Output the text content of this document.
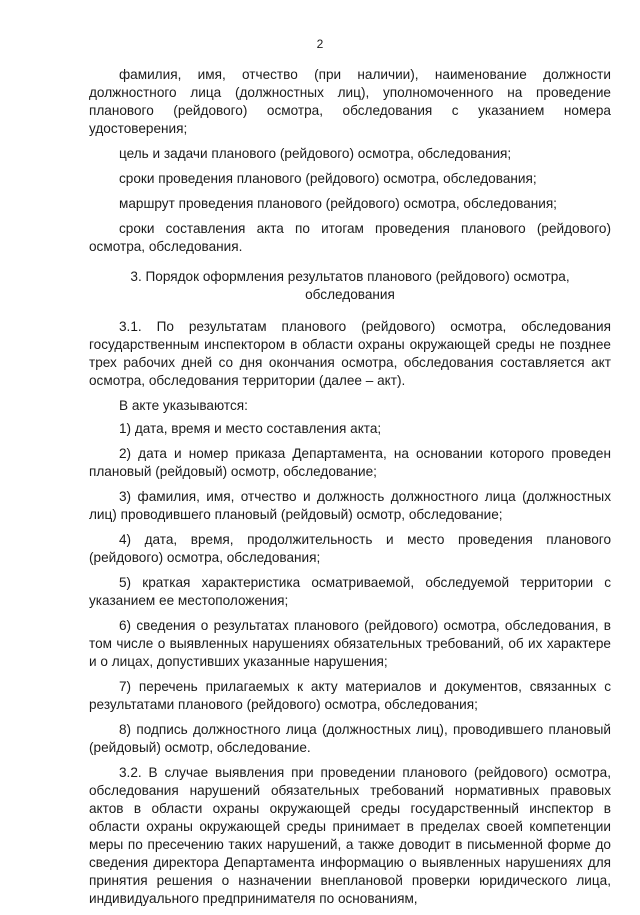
2

фамилия, имя, отчество (при наличии), наименование должности должностного лица (должностных лиц), уполномоченного на проведение планового (рейдового) осмотра, обследования с указанием номера удостоверения;

цель и задачи планового (рейдового) осмотра, обследования;

сроки проведения планового (рейдового) осмотра, обследования;

маршрут проведения планового (рейдового) осмотра, обследования;

сроки составления акта по итогам проведения планового (рейдового) осмотра, обследования.

3. Порядок оформления результатов планового (рейдового) осмотра, обследования

3.1. По результатам планового (рейдового) осмотра, обследования государственным инспектором в области охраны окружающей среды не позднее трех рабочих дней со дня окончания осмотра, обследования составляется акт осмотра, обследования территории (далее – акт).

В акте указываются:

1) дата, время и место составления акта;

2) дата и номер приказа Департамента, на основании которого проведен плановый (рейдовый) осмотр, обследование;

3) фамилия, имя, отчество и должность должностного лица (должностных лиц) проводившего плановый (рейдовый) осмотр, обследование;

4) дата, время, продолжительность и место проведения планового (рейдового) осмотра, обследования;

5) краткая характеристика осматриваемой, обследуемой территории с указанием ее местоположения;

6) сведения о результатах планового (рейдового) осмотра, обследования, в том числе о выявленных нарушениях обязательных требований, об их характере и о лицах, допустивших указанные нарушения;

7) перечень прилагаемых к акту материалов и документов, связанных с результатами планового (рейдового) осмотра, обследования;

8) подпись должностного лица (должностных лиц), проводившего плановый (рейдовый) осмотр, обследование.

3.2. В случае выявления при проведении планового (рейдового) осмотра, обследования нарушений обязательных требований нормативных правовых актов в области охраны окружающей среды государственный инспектор в области охраны окружающей среды принимает в пределах своей компетенции меры по пресечению таких нарушений, а также доводит в письменной форме до сведения директора Департамента информацию о выявленных нарушениях для принятия решения о назначении внеплановой проверки юридического лица, индивидуального предпринимателя по основаниям,
